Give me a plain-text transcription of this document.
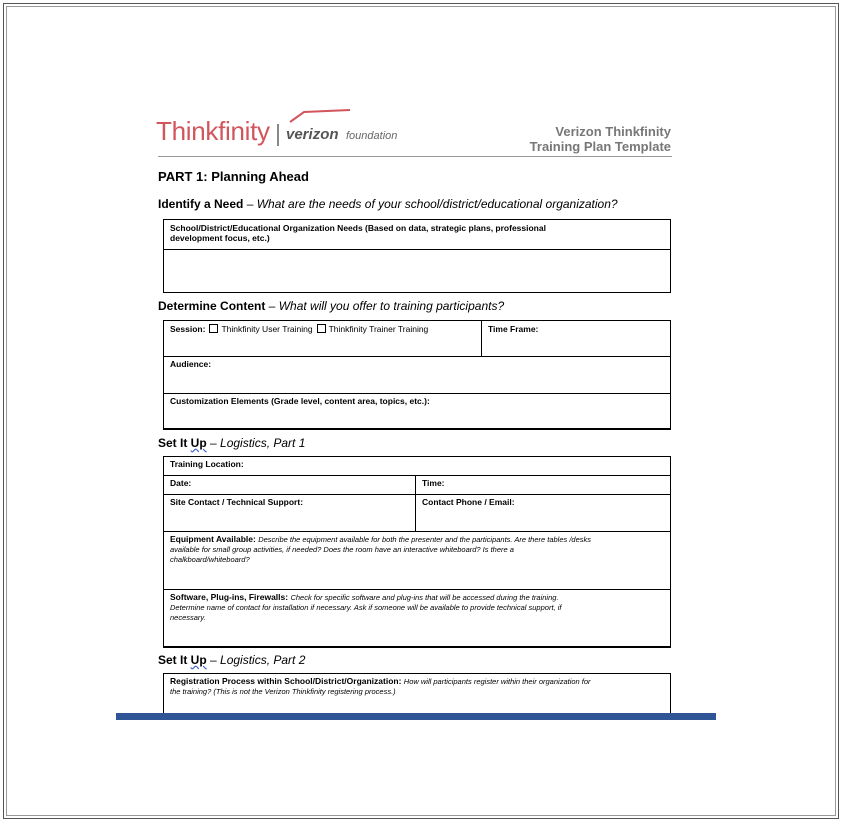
Thinkfinity verizon foundation	Verizon Thinkfinity
Training Plan Template
PART 1: Planning Ahead
Identify a Need – What are the needs of your school/district/educational organization?
School/District/Educational Organization Needs (Based on data, strategic plans, professional
development focus, etc.)
Determine Content – What will you offer to training participants?
Session: Thinkfinity User Training Thinkfinity Trainer Training	Time Frame:
Audience:
Customization Elements (Grade level, content area, topics, etc.):
Set It Up – Logistics, Part 1
Training Location:
Date:	Time:
Site Contact / Technical Support:	Contact Phone / Email:
Equipment Available: Describe the equipment available for both the presenter and the participants. Are there tables /desks
available for small group activities, if needed? Does the room have an interactive whiteboard? Is there a
chalkboard/whiteboard?
Software, Plug-ins, Firewalls: Check for specific software and plug-ins that will be accessed during the training.
Determine name of contact for installation if necessary. Ask if someone will be available to provide technical support, if
necessary.
Set It Up – Logistics, Part 2
Registration Process within School/District/Organization: How will participants register within their organization for
the training? (This is not the Verizon Thinkfinity registering process.)
